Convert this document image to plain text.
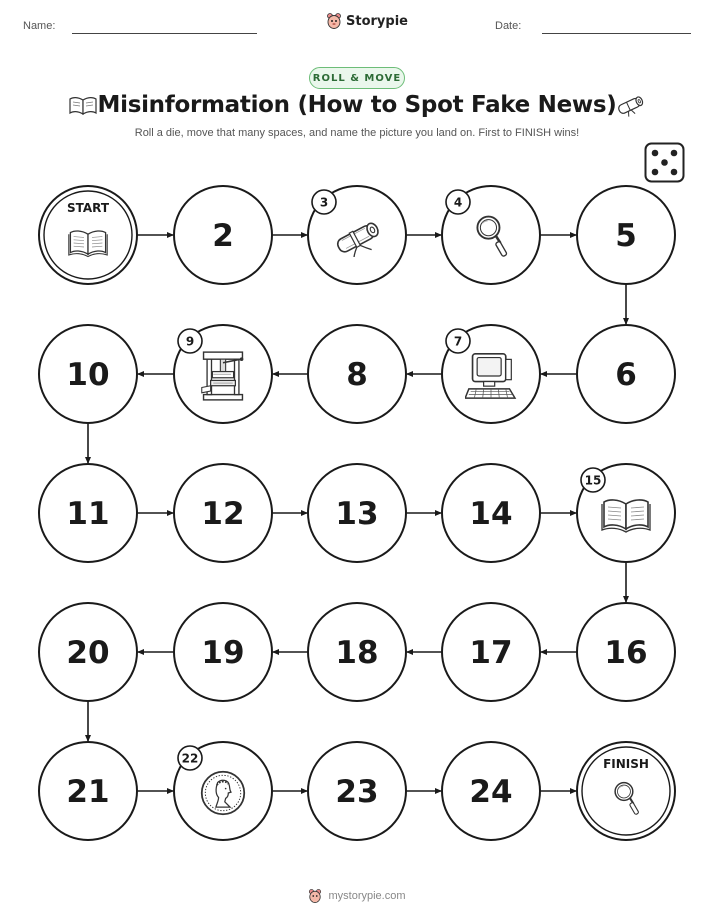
Name:	Storypie	Date:
ROLL & MOVE
Misinformation (How to Spot Fake News)
Roll a die, move that many spaces, and name the picture you land on. First to FINISH wins!
START
2
3	4
5
6
7
8
9
10
11	12	13	14
15
16
17
18
19
20
21
22
23	24
FINISH
mystorypie.com
